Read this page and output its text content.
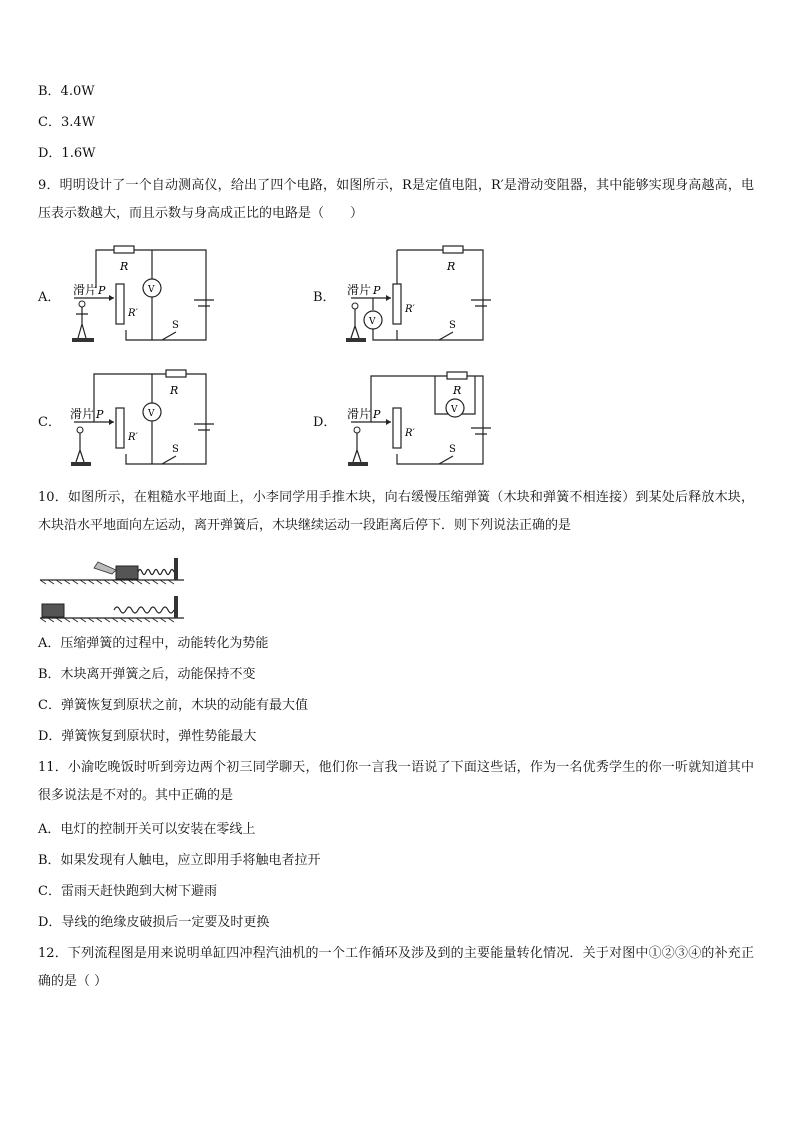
B．4.0W
C．3.4W
D．1.6W
9．明明设计了一个自动测高仪，给出了四个电路，如图所示，R是定值电阻，R′是滑动变阻器，其中能够实现身高越高，电压表示数越大，而且示数与身高成正比的电路是（　　）
A． 滑片 P
R
R′
V
S
B． 滑片 P
R
R′
V	S
C．
滑片 P
R
R′
V
S
D．
滑片 P
R
R′
V
S
10．如图所示，在粗糙水平地面上，小李同学用手推木块，向右缓慢压缩弹簧（木块和弹簧不相连接）到某处后释放木块，木块沿水平地面向左运动，离开弹簧后，木块继续运动一段距离后停下．则下列说法正确的是
A．压缩弹簧的过程中，动能转化为势能
B．木块离开弹簧之后，动能保持不变
C．弹簧恢复到原状之前，木块的动能有最大值
D．弹簧恢复到原状时，弹性势能最大
11．小渝吃晚饭时听到旁边两个初三同学聊天，他们你一言我一语说了下面这些话，作为一名优秀学生的你一听就知道其中很多说法是不对的。其中正确的是
A．电灯的控制开关可以安装在零线上
B．如果发现有人触电，应立即用手将触电者拉开
C．雷雨天赶快跑到大树下避雨
D．导线的绝缘皮破损后一定要及时更换
12．下列流程图是用来说明单缸四冲程汽油机的一个工作循环及涉及到的主要能量转化情况．关于对图中①②③④的补充正确的是（ ）
